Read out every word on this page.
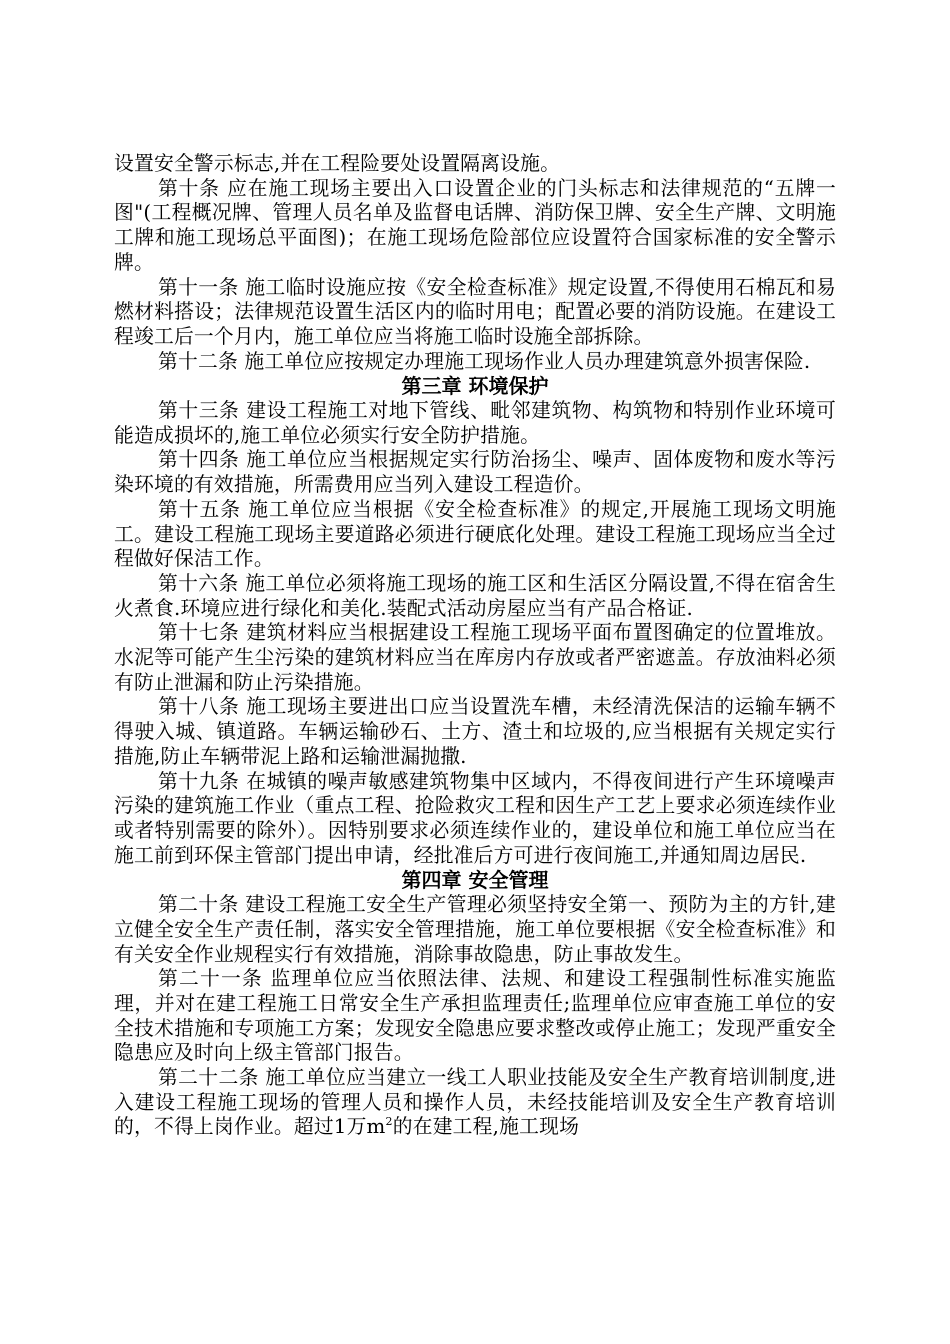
设置安全警示标志,并在工程险要处设置隔离设施。

第十条 应在施工现场主要出入口设置企业的门头标志和法律规范的“五牌一图"(工程概况牌、管理人员名单及监督电话牌、消防保卫牌、安全生产牌、文明施工牌和施工现场总平面图)；在施工现场危险部位应设置符合国家标准的安全警示牌。

第十一条 施工临时设施应按《安全检查标准》规定设置,不得使用石棉瓦和易燃材料搭设；法律规范设置生活区内的临时用电；配置必要的消防设施。在建设工程竣工后一个月内，施工单位应当将施工临时设施全部拆除。

第十二条 施工单位应按规定办理施工现场作业人员办理建筑意外损害保险.

第三章 环境保护

第十三条 建设工程施工对地下管线、毗邻建筑物、构筑物和特别作业环境可能造成损坏的,施工单位必须实行安全防护措施。

第十四条 施工单位应当根据规定实行防治扬尘、噪声、固体废物和废水等污染环境的有效措施，所需费用应当列入建设工程造价。

第十五条 施工单位应当根据《安全检查标准》的规定,开展施工现场文明施工。建设工程施工现场主要道路必须进行硬底化处理。建设工程施工现场应当全过程做好保洁工作。

第十六条 施工单位必须将施工现场的施工区和生活区分隔设置,不得在宿舍生火煮食.环境应进行绿化和美化.装配式活动房屋应当有产品合格证.

第十七条 建筑材料应当根据建设工程施工现场平面布置图确定的位置堆放。水泥等可能产生尘污染的建筑材料应当在库房内存放或者严密遮盖。存放油料必须有防止泄漏和防止污染措施。

第十八条 施工现场主要进出口应当设置洗车槽，未经清洗保洁的运输车辆不得驶入城、镇道路。车辆运输砂石、土方、渣土和垃圾的,应当根据有关规定实行措施,防止车辆带泥上路和运输泄漏抛撒.

第十九条 在城镇的噪声敏感建筑物集中区域内，不得夜间进行产生环境噪声污染的建筑施工作业（重点工程、抢险救灾工程和因生产工艺上要求必须连续作业或者特别需要的除外）。因特别要求必须连续作业的，建设单位和施工单位应当在施工前到环保主管部门提出申请，经批准后方可进行夜间施工,并通知周边居民.

第四章 安全管理

第二十条 建设工程施工安全生产管理必须坚持安全第一、预防为主的方针,建立健全安全生产责任制，落实安全管理措施，施工单位要根据《安全检查标准》和有关安全作业规程实行有效措施，消除事故隐患，防止事故发生。

第二十一条 监理单位应当依照法律、法规、和建设工程强制性标准实施监理，并对在建工程施工日常安全生产承担监理责任;监理单位应审查施工单位的安全技术措施和专项施工方案；发现安全隐患应要求整改或停止施工；发现严重安全隐患应及时向上级主管部门报告。

第二十二条 施工单位应当建立一线工人职业技能及安全生产教育培训制度,进入建设工程施工现场的管理人员和操作人员，未经技能培训及安全生产教育培训的，不得上岗作业。超过1万$m^2$的在建工程,施工现场
